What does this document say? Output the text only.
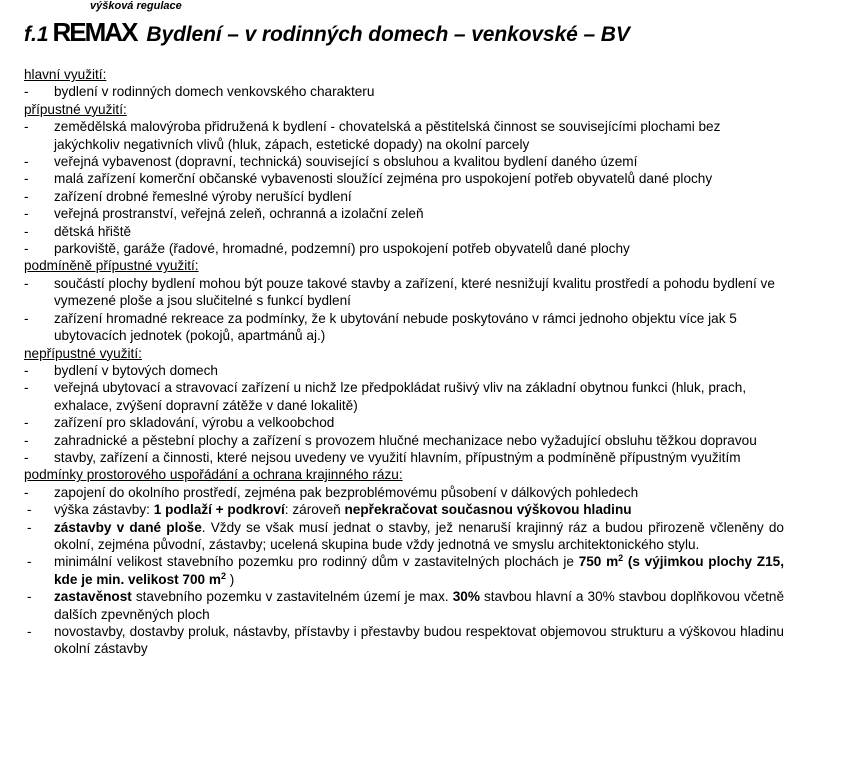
výšková regulace
f.1 REMAX Bydlení – v rodinných domech – venkovské – BV
hlavní využití:
-	bydlení v rodinných domech venkovského charakteru
přípustné využití:
-	zemědělská malovýroba přidružená k bydlení - chovatelská a pěstitelská činnost se souvisejícími plochami bez jakýchkoliv negativních vlivů (hluk, zápach, estetické dopady) na okolní parcely
-	veřejná vybavenost (dopravní, technická) související s obsluhou a kvalitou bydlení daného území
-	malá zařízení komerční občanské vybavenosti sloužící zejména pro uspokojení potřeb obyvatelů dané plochy
-	zařízení drobné řemeslné výroby nerušící bydlení
-	veřejná prostranství, veřejná zeleň, ochranná a izolační zeleň
-	dětská hřiště
-	parkoviště, garáže (řadové, hromadné, podzemní) pro uspokojení potřeb obyvatelů dané plochy
podmíněně přípustné využití:
-	součástí plochy bydlení mohou být pouze takové stavby a zařízení, které nesnižují kvalitu prostředí a pohodu bydlení ve vymezené ploše a jsou slučitelné s funkcí bydlení
-	zařízení hromadné rekreace za podmínky, že k ubytování nebude poskytováno v rámci jednoho objektu více jak 5 ubytovacích jednotek (pokojů, apartmánů aj.)
nepřípustné využití:
-	bydlení v bytových domech
-	veřejná ubytovací a stravovací zařízení u nichž lze předpokládat rušivý vliv na základní obytnou funkci (hluk, prach, exhalace, zvýšení dopravní zátěže v dané lokalitě)
-	zařízení pro skladování, výrobu a velkoobchod
-	zahradnické a pěstební plochy a zařízení s provozem hlučné mechanizace nebo vyžadující obsluhu těžkou dopravou
-	stavby, zařízení a činnosti, které nejsou uvedeny ve využití hlavním, přípustným a podmíněně přípustným využitím
podmínky prostorového uspořádání a ochrana krajinného rázu:
-	zapojení do okolního prostředí, zejména pak bezproblémovému působení v dálkových pohledech
-	výška zástavby: 1 podlaží + podkroví: zároveň nepřekračovat současnou výškovou hladinu
-	zástavby v dané ploše. Vždy se však musí jednat o stavby, jež nenaruší krajinný ráz a budou přirozeně včleněny do okolní, zejména původní, zástavby; ucelená skupina bude vždy jednotná ve smyslu architektonického stylu.
-	minimální velikost stavebního pozemku pro rodinný dům v zastavitelných plochách je 750 $m^2$ (s výjimkou plochy Z15, kde je min. velikost 700 $m^2$ )
-	zastavěnost stavebního pozemku v zastavitelném území je max. 30% stavbou hlavní a 30% stavbou doplňkovou včetně dalších zpevněných ploch
-	novostavby, dostavby proluk, nástavby, přístavby i přestavby budou respektovat objemovou strukturu a výškovou hladinu okolní zástavby
